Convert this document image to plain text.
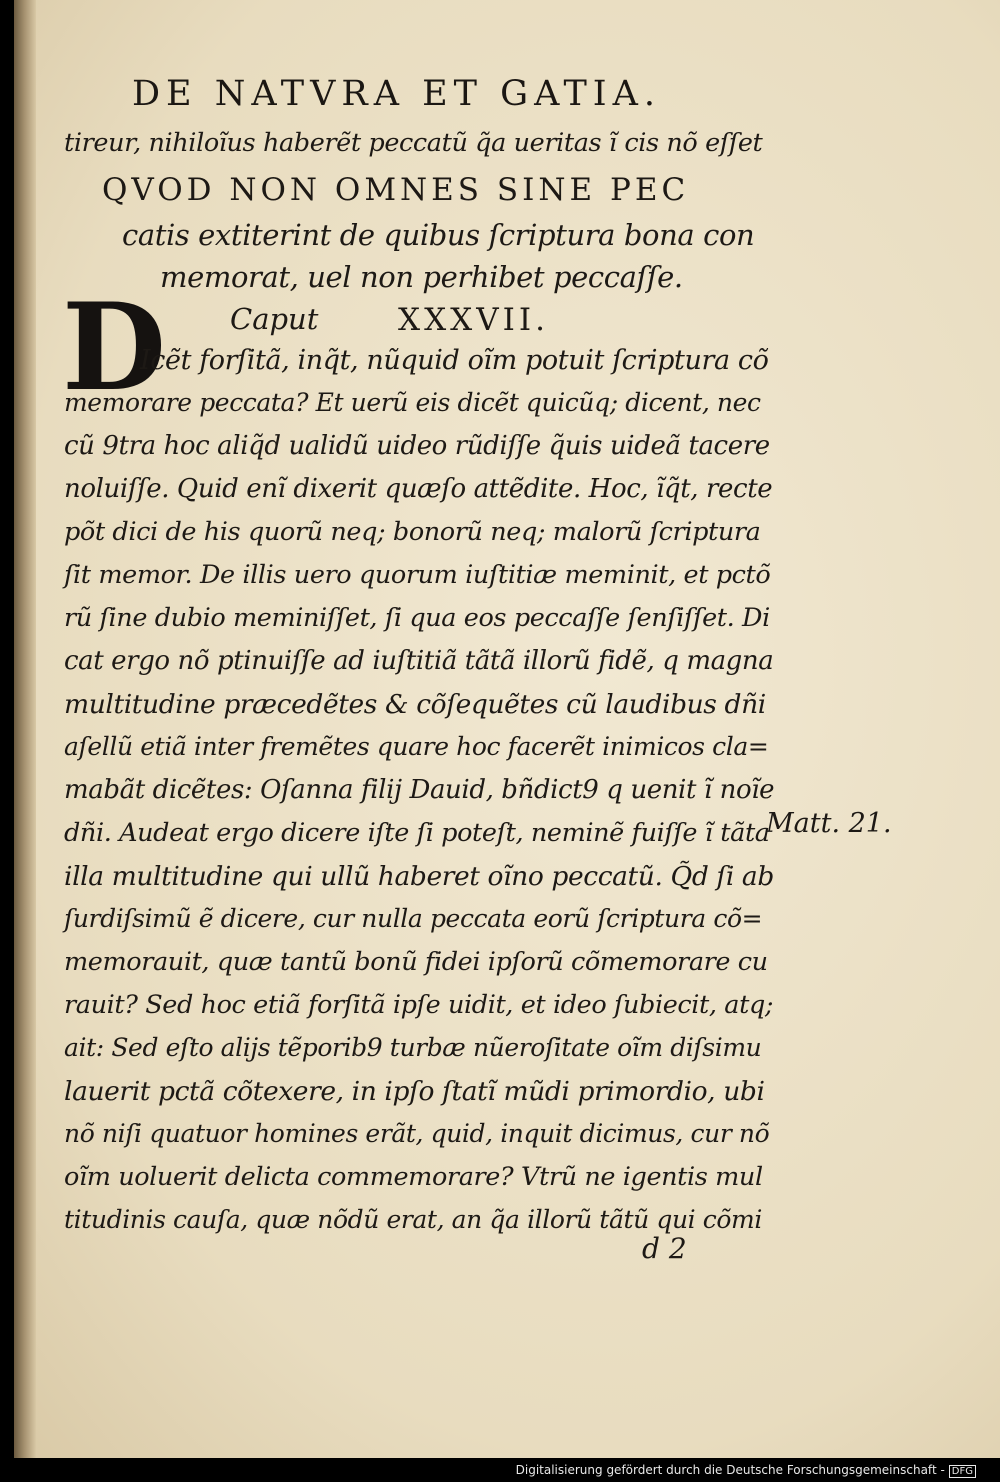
DE NATVRA ET GATIA.
tireur, nihiloĩus haberẽt peccatũ q̃a ueritas ĩ cis nõ eſſet
QVOD NON OMNES SINE PEC
catis extiterint de quibus ſcriptura bona con
memorat, uel non perhibet peccaſſe.
D Caput	XXXVII.
Icẽt forſitã, inq̃t, nũquid oĩm potuit ſcriptura cõ
memorare peccata? Et uerũ eis dicẽt quicũq; dicent, nec
cũ 9tra hoc aliq̃d ualidũ uideo rũdiſſe q̃uis uideã tacere
noluiſſe. Quid enĩ dixerit quæſo attẽdite. Hoc, ĩq̃t, recte
põt dici de his quorũ neq; bonorũ neq; malorũ ſcriptura
ſit memor. De illis uero quorum iuſtitiæ meminit, et pctõ
rũ ſine dubio meminiſſet, ſi qua eos peccaſſe ſenſiſſet. Di
cat ergo nõ ptinuiſſe ad iuſtitiã tãtã illorũ fidẽ, q magna
multitudine præcedẽtes & cõſequẽtes cũ laudibus dñi
aſellũ etiã inter fremẽtes quare hoc facerẽt inimicos cla=
mabãt dicẽtes: Oſanna filij Dauid, bñdict9 q uenit ĩ noĩe
dñi. Audeat ergo dicere iſte ſi poteſt, neminẽ fuiſſe ĩ tãta
illa multitudine qui ullũ haberet oĩno peccatũ. Q̃d ſi ab
ſurdiſsimũ ẽ dicere, cur nulla peccata eorũ ſcriptura cõ=
memorauit, quæ tantũ bonũ fidei ipſorũ cõmemorare cu
rauit? Sed hoc etiã forſitã ipſe uidit, et ideo ſubiecit, atq;
ait: Sed eſto alijs tẽporib9 turbæ nũeroſitate oĩm diſsimu
lauerit pctã cõtexere, in ipſo ſtatĩ mũdi primordio, ubi
nõ niſi quatuor homines erãt, quid, inquit dicimus, cur nõ
oĩm uoluerit delicta commemorare? Vtrũ ne igentis mul
titudinis cauſa, quæ nõdũ erat, an q̃a illorũ tãtũ qui cõmi
Matt. 21.
d 2
Digitalisierung gefördert durch die Deutsche Forschungsgemeinschaft - DFG
